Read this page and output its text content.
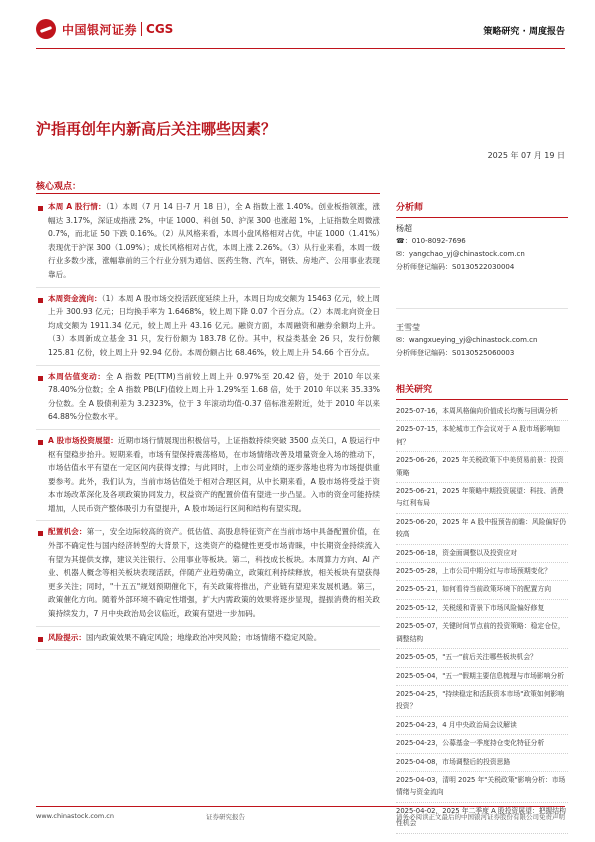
中国银河证券 CGS	策略研究 · 周度报告
沪指再创年内新高后关注哪些因素？
2025 年 07 月 19 日
核心观点：
本周 A 股行情：（1）本周（7 月 14 日-7 月 18 日），全 A 指数上涨 1.40%。创业板指领涨，涨幅达 3.17%，深证成指涨 2%，中证 1000、科创 50、沪深 300 也涨超 1%，上证指数全周微涨 0.7%，而北证 50 下跌 0.16%。（2）从风格来看，本周小盘风格相对占优，中证 1000（1.41%）表现优于沪深 300（1.09%）；成长风格相对占优，本周上涨 2.26%。（3）从行业来看，本周一级行业多数少涨，涨幅靠前的三个行业分别为通信、医药生物、汽车，钢铁、房地产、公用事业表现靠后。
本周资金流向：（1）本周 A 股市场交投活跃度延续上升，本周日均成交额为 15463 亿元，较上周上升 300.93 亿元；日均换手率为 1.6468%，较上周下降 0.07 个百分点。（2）本周北向资金日均成交额为 1911.34 亿元，较上周上升 43.16 亿元。融资方面，本周融资和融券余额均上升。（3）本周新成立基金 31 只，发行份额为 183.78 亿份。其中，权益类基金 26 只，发行份额 125.81 亿份，较上周上升 92.94 亿份。本周份额占比 68.46%，较上周上升 54.66 个百分点。
本周估值变动：全 A 指数 PE(TTM)当前较上周上升 0.97%至 20.42 倍，处于 2010 年以来 78.40%分位数；全 A 指数 PB(LF)值较上周上升 1.29%至 1.68 倍，处于 2010 年以来 35.33%分位数。全 A 股债利差为 3.2323%，位于 3 年滚动均值-0.37 倍标准差附近，处于 2010 年以来 64.88%分位数水平。
A 股市场投资展望：近期市场行情展现出积极信号，上证指数持续突破 3500 点关口，A 股运行中枢有望稳步抬升。短期来看，市场有望保持震荡格局，在市场情绪改善及增量资金入场的推动下，市场估值水平有望在一定区间内获得支撑；与此同时，上市公司业绩的逐步落地也将为市场提供重要参考。此外，我们认为，当前市场估值处于相对合理区间，从中长期来看，A 股市场将受益于资本市场改革深化及各项政策协同发力，权益资产的配置价值有望进一步凸显。入市的资金可能持续增加，人民币资产整体吸引力有望提升，A 股市场运行区间和结构有望实现。
配置机会：第一，安全边际较高的资产。低估值、高股息特征资产在当前市场中具备配置价值，在外部不确定性与国内经济转型的大背景下，这类资产的稳健性更受市场青睐，中长期资金持续流入有望为其提供支撑，建议关注银行、公用事业等板块。第二，科技成长板块。本周算力方向、AI 产业、机器人概念等相关板块表现活跃，伴随产业趋势确立，政策红利持续释放，相关板块有望获得更多关注；同时，"十五五"规划预期催化下，有关政策将推出，产业链有望迎来发展机遇。第三，政策催化方向。随着外部环境不确定性增强，扩大内需政策的效果将逐步显现，提振消费的相关政策持续发力，7 月中央政治局会议临近，政策有望进一步加码。
风险提示：国内政策效果不确定风险；地缘政治冲突风险；市场情绪不稳定风险。
分析师
杨超
☎：010-8092-7696
✉：yangchao_yj@chinastock.com.cn
分析师登记编码：S0130522030004
王雪莹
✉：wangxueying_yj@chinastock.com.cn
分析师登记编码：S0130525060003
相关研究
2025-07-16，本周风格偏向价值成长均衡与回调分析
2025-07-15，本轮城市工作会议对于 A 股市场影响如何？
2025-06-26，2025 年关税政策下中美贸易前景：投资策略
2025-06-21，2025 年策略中期投资展望：科技、消费与红利布局
2025-06-20，2025 年 A 股中报预告前瞻：风险偏好仍较高
2025-06-18，资金面调整以及投资应对
2025-05-28，上市公司中期分红与市场预期变化？
2025-05-21，如何看待当前政策环境下的配置方向
2025-05-12，关税缓和背景下市场风险偏好修复
2025-05-07，关键时间节点前的投资策略：稳定仓位，调整结构
2025-05-05，"五一"前后关注哪些板块机会？
2025-05-04，"五一"假期主要信息梳理与市场影响分析
2025-04-25，"持续稳定和活跃资本市场"政策如何影响投资？
2025-04-23，4 月中央政治局会议解读
2025-04-23，公募基金一季度持仓变化特征分析
2025-04-08，市场调整后的投资思路
2025-04-03，清明 2025 年"关税政策"影响分析：市场情绪与资金流向
2025-04-02，2025 年二季度 A 股投资展望：把握结构性机会
www.chinastock.com.cn	证券研究报告	请务必阅读正文最后的中国银河证券股份有限公司免责声明
